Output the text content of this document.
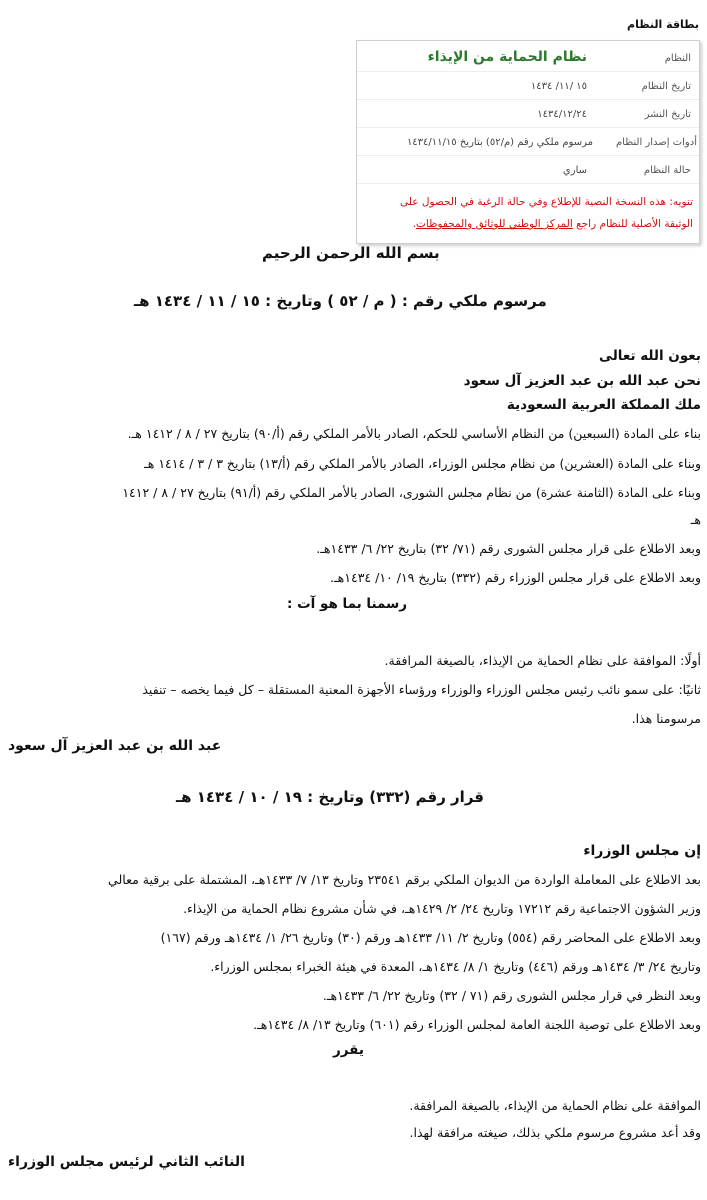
بطاقة النظام
النظام
نظام الحماية من الإيذاء
تاريخ النظام
١٥ /١١/ ١٤٣٤
تاريخ النشر
١٤٣٤/١٢/٢٤
أدوات إصدار النظام
مرسوم ملكي رقم (م/٥٢) بتاريخ ١٤٣٤/١١/١٥
حالة النظام
ساري
تنويه: هذه النسخة النصية للإطلاع وفي حالة الرغبة في الحصول على
الوثيقة الأصلية للنظام راجع المركز الوطني للوثائق والمحفوظات.
بسم الله الرحمن الرحيم
مرسوم ملكي رقم : ( م / ٥٢ ) وتاريخ : ١٥ / ١١ / ١٤٣٤ هـ
بعون الله تعالى
نحن عبد الله بن عبد العزيز آل سعود
ملك المملكة العربية السعودية
بناء على المادة (السبعين) من النظام الأساسي للحكم، الصادر بالأمر الملكي رقم (أ/٩٠) بتاريخ ٢٧ / ٨ / ١٤١٢ هـ.
وبناء على المادة (العشرين) من نظام مجلس الوزراء، الصادر بالأمر الملكي رقم (أ/١٣) بتاريخ ٣ / ٣ / ١٤١٤ هـ
وبناء على المادة (الثامنة عشرة) من نظام مجلس الشورى، الصادر بالأمر الملكي رقم (أ/٩١) بتاريخ ٢٧ / ٨ / ١٤١٢
هـ
وبعد الاطلاع على قرار مجلس الشورى رقم (٧١/ ٣٢) بتاريخ ٢٢/ ٦/ ١٤٣٣هـ.
وبعد الاطلاع على قرار مجلس الوزراء رقم (٣٣٢) بتاريخ ١٩/ ١٠/ ١٤٣٤هـ.
رسمنا بما هو آت :
أولًا: الموافقة على نظام الحماية من الإيذاء، بالصيغة المرافقة.
ثانيًا: على سمو نائب رئيس مجلس الوزراء والوزراء ورؤساء الأجهزة المعنية المستقلة – كل فيما يخصه – تنفيذ
مرسومنا هذا.
عبد الله بن عبد العزيز آل سعود
قرار رقم (٣٣٢) وتاريخ : ١٩ / ١٠ / ١٤٣٤ هـ
إن مجلس الوزراء
بعد الاطلاع على المعاملة الواردة من الديوان الملكي برقم ٢٣٥٤١ وتاريخ ١٣/ ٧/ ١٤٣٣هـ، المشتملة على برقية معالي
وزير الشؤون الاجتماعية رقم ١٧٢١٢ وتاريخ ٢٤/ ٢/ ١٤٢٩هـ، في شأن مشروع نظام الحماية من الإيذاء.
وبعد الاطلاع على المحاضر رقم (٥٥٤) وتاريخ ٢/ ١١/ ١٤٣٣هـ ورقم (٣٠) وتاريخ ٢٦/ ١/ ١٤٣٤هـ ورقم (١٦٧)
وتاريخ ٢٤/ ٣/ ١٤٣٤هـ ورقم (٤٤٦) وتاريخ ١/ ٨/ ١٤٣٤هـ، المعدة في هيئة الخبراء بمجلس الوزراء.
وبعد النظر في قرار مجلس الشورى رقم (٧١ / ٣٢) وتاريخ ٢٢/ ٦/ ١٤٣٣هـ.
وبعد الاطلاع على توصية اللجنة العامة لمجلس الوزراء رقم (٦٠١) وتاريخ ١٣/ ٨/ ١٤٣٤هـ.
يقرر
الموافقة على نظام الحماية من الإيذاء، بالصيغة المرافقة.
وقد أعد مشروع مرسوم ملكي بذلك، صيغته مرافقة لهذا.
النائب الثاني لرئيس مجلس الوزراء
